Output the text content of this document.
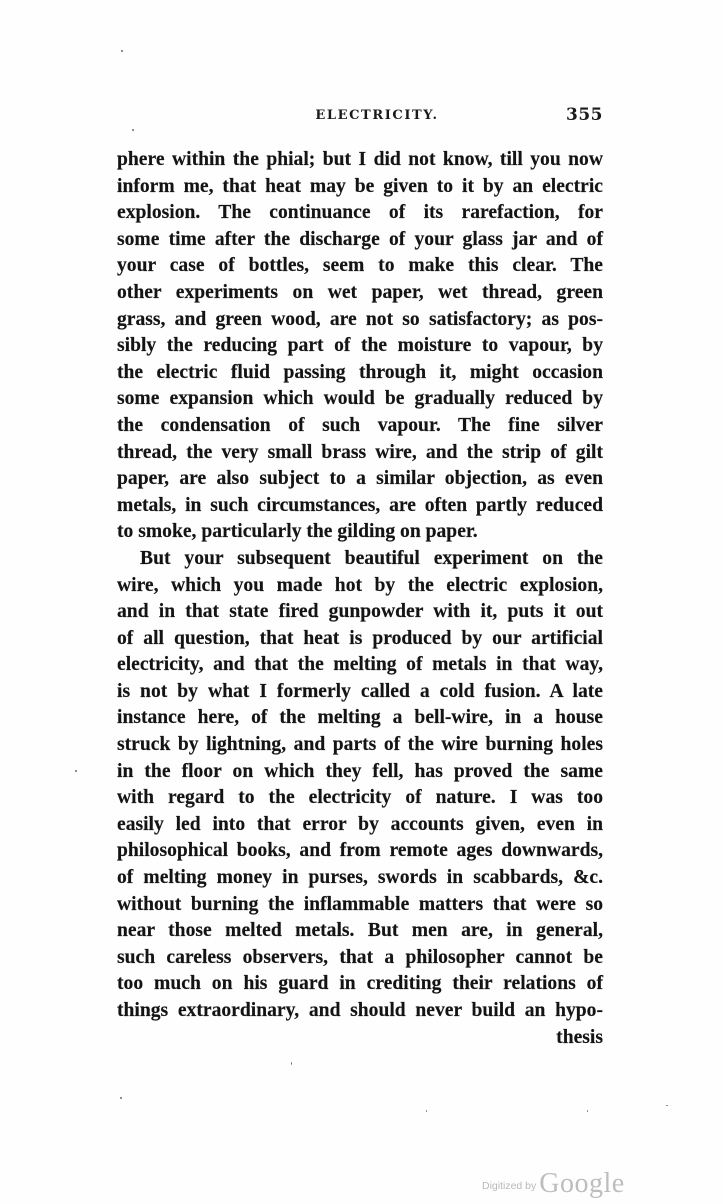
ELECTRICITY.	355
phere within the phial; but I did not know, till you now
inform me, that heat may be given to it by an electric
explosion. The continuance of its rarefaction, for
some time after the discharge of your glass jar and of
your case of bottles, seem to make this clear. The
other experiments on wet paper, wet thread, green
grass, and green wood, are not so satisfactory; as pos-
sibly the reducing part of the moisture to vapour, by
the electric fluid passing through it, might occasion
some expansion which would be gradually reduced by
the condensation of such vapour. The fine silver
thread, the very small brass wire, and the strip of gilt
paper, are also subject to a similar objection, as even
metals, in such circumstances, are often partly reduced
to smoke, particularly the gilding on paper.
But your subsequent beautiful experiment on the
wire, which you made hot by the electric explosion,
and in that state fired gunpowder with it, puts it out
of all question, that heat is produced by our artificial
electricity, and that the melting of metals in that way,
is not by what I formerly called a cold fusion. A late
instance here, of the melting a bell-wire, in a house
struck by lightning, and parts of the wire burning holes
in the floor on which they fell, has proved the same
with regard to the electricity of nature. I was too
easily led into that error by accounts given, even in
philosophical books, and from remote ages downwards,
of melting money in purses, swords in scabbards, &c.
without burning the inflammable matters that were so
near those melted metals. But men are, in general,
such careless observers, that a philosopher cannot be
too much on his guard in crediting their relations of
things extraordinary, and should never build an hypo-
thesis
Digitized by Google
